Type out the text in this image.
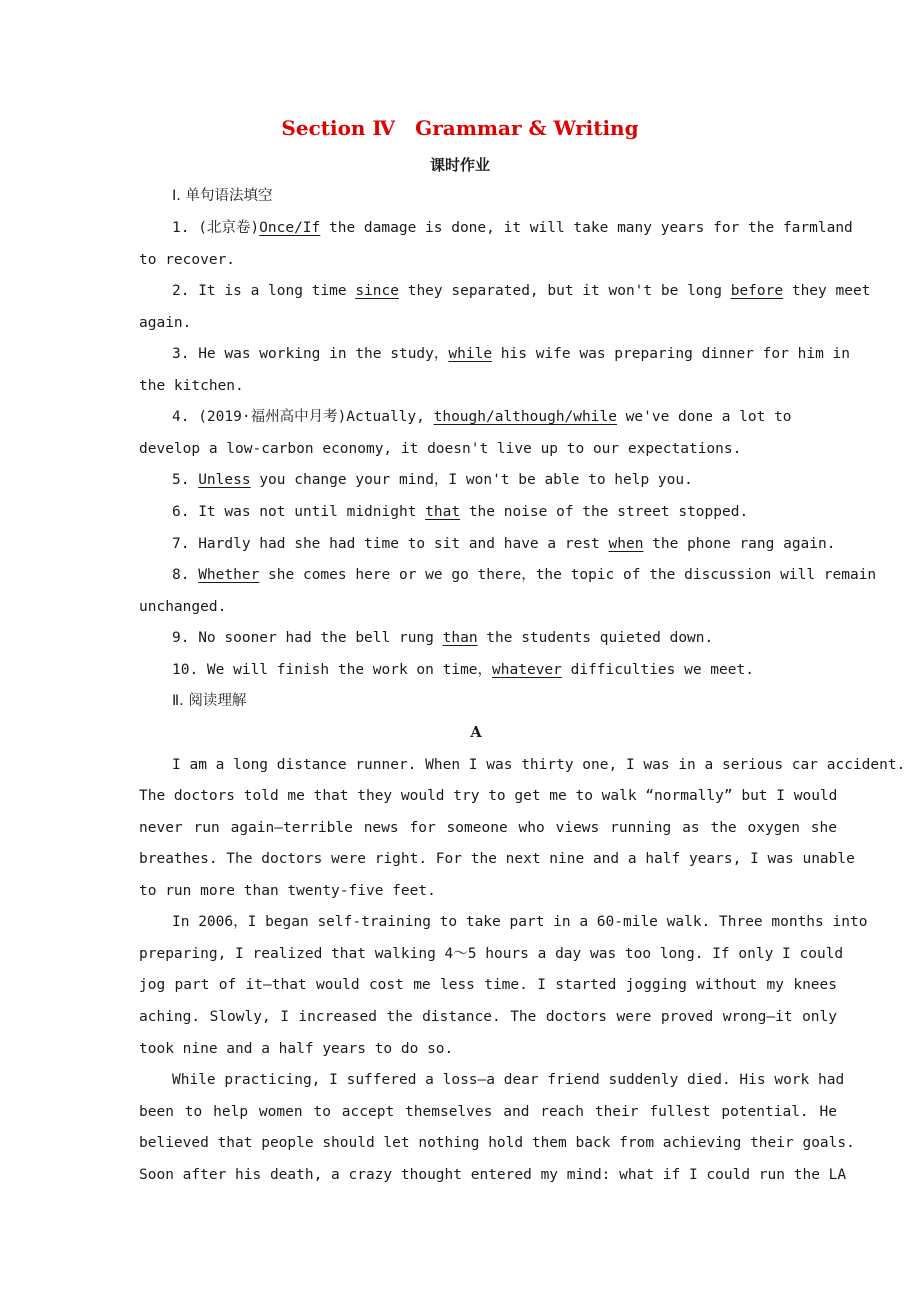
Section Ⅳ　Grammar & Writing
课时作业
Ⅰ. 单句语法填空
1. (北京卷)Once/If the damage is done, it will take many years for the farmland
to recover.
2. It is a long time since they separated, but it won't be long before they meet
again.
3. He was working in the study，while his wife was preparing dinner for him in
the kitchen.
4. (2019·福州高中月考)Actually, though/although/while we've done a lot to
develop a low-carbon economy, it doesn't live up to our expectations.
5. Unless you change your mind，I won't be able to help you.
6. It was not until midnight that the noise of the street stopped.
7. Hardly had she had time to sit and have a rest when the phone rang again.
8. Whether she comes here or we go there，the topic of the discussion will remain
unchanged.
9. No sooner had the bell rung than the students quieted down.
10. We will finish the work on time，whatever difficulties we meet.
Ⅱ. 阅读理解
A
I am a long distance runner. When I was thirty one, I was in a serious car accident.
The doctors told me that they would try to get me to walk “normally” but I would
never run again—terrible news for someone who views running as the oxygen she
breathes. The doctors were right. For the next nine and a half years, I was unable
to run more than twenty-five feet.
In 2006，I began self-training to take part in a 60-mile walk. Three months into
preparing, I realized that walking 4～5 hours a day was too long. If only I could
jog part of it—that would cost me less time. I started jogging without my knees
aching. Slowly, I increased the distance. The doctors were proved wrong—it only
took nine and a half years to do so.
While practicing, I suffered a loss—a dear friend suddenly died. His work had
been to help women to accept themselves and reach their fullest potential. He
believed that people should let nothing hold them back from achieving their goals.
Soon after his death, a crazy thought entered my mind: what if I could run the LA
